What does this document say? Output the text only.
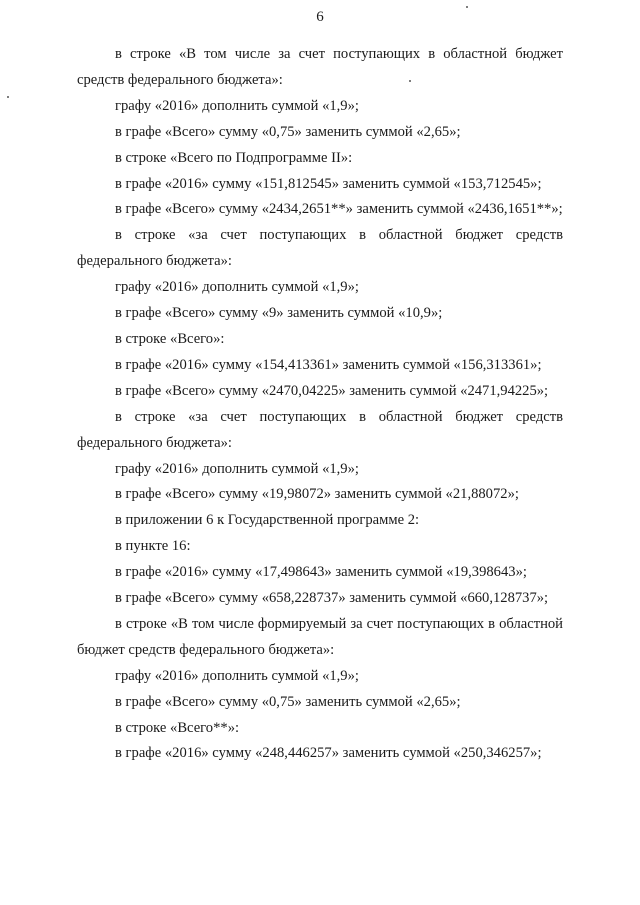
6

в строке «В том числе за счет поступающих в областной бюджет средств федерального бюджета»:

графу «2016» дополнить суммой «1,9»;

в графе «Всего» сумму «0,75» заменить суммой «2,65»;

в строке «Всего по Подпрограмме II»:

в графе «2016» сумму «151,812545» заменить суммой «153,712545»;

в графе «Всего» сумму «2434,2651**» заменить суммой «2436,1651**»;

в строке «за счет поступающих в областной бюджет средств федерального бюджета»:

графу «2016» дополнить суммой «1,9»;

в графе «Всего» сумму «9» заменить суммой «10,9»;

в строке «Всего»:

в графе «2016» сумму «154,413361» заменить суммой «156,313361»;

в графе «Всего» сумму «2470,04225» заменить суммой «2471,94225»;

в строке «за счет поступающих в областной бюджет средств федерального бюджета»:

графу «2016» дополнить суммой «1,9»;

в графе «Всего» сумму «19,98072» заменить суммой «21,88072»;

в приложении 6 к Государственной программе 2:

в пункте 16:

в графе «2016» сумму «17,498643» заменить суммой «19,398643»;

в графе «Всего» сумму «658,228737» заменить суммой «660,128737»;

в строке «В том числе формируемый за счет поступающих в областной бюджет средств федерального бюджета»:

графу «2016» дополнить суммой «1,9»;

в графе «Всего» сумму «0,75» заменить суммой «2,65»;

в строке «Всего**»:

в графе «2016» сумму «248,446257» заменить суммой «250,346257»;
